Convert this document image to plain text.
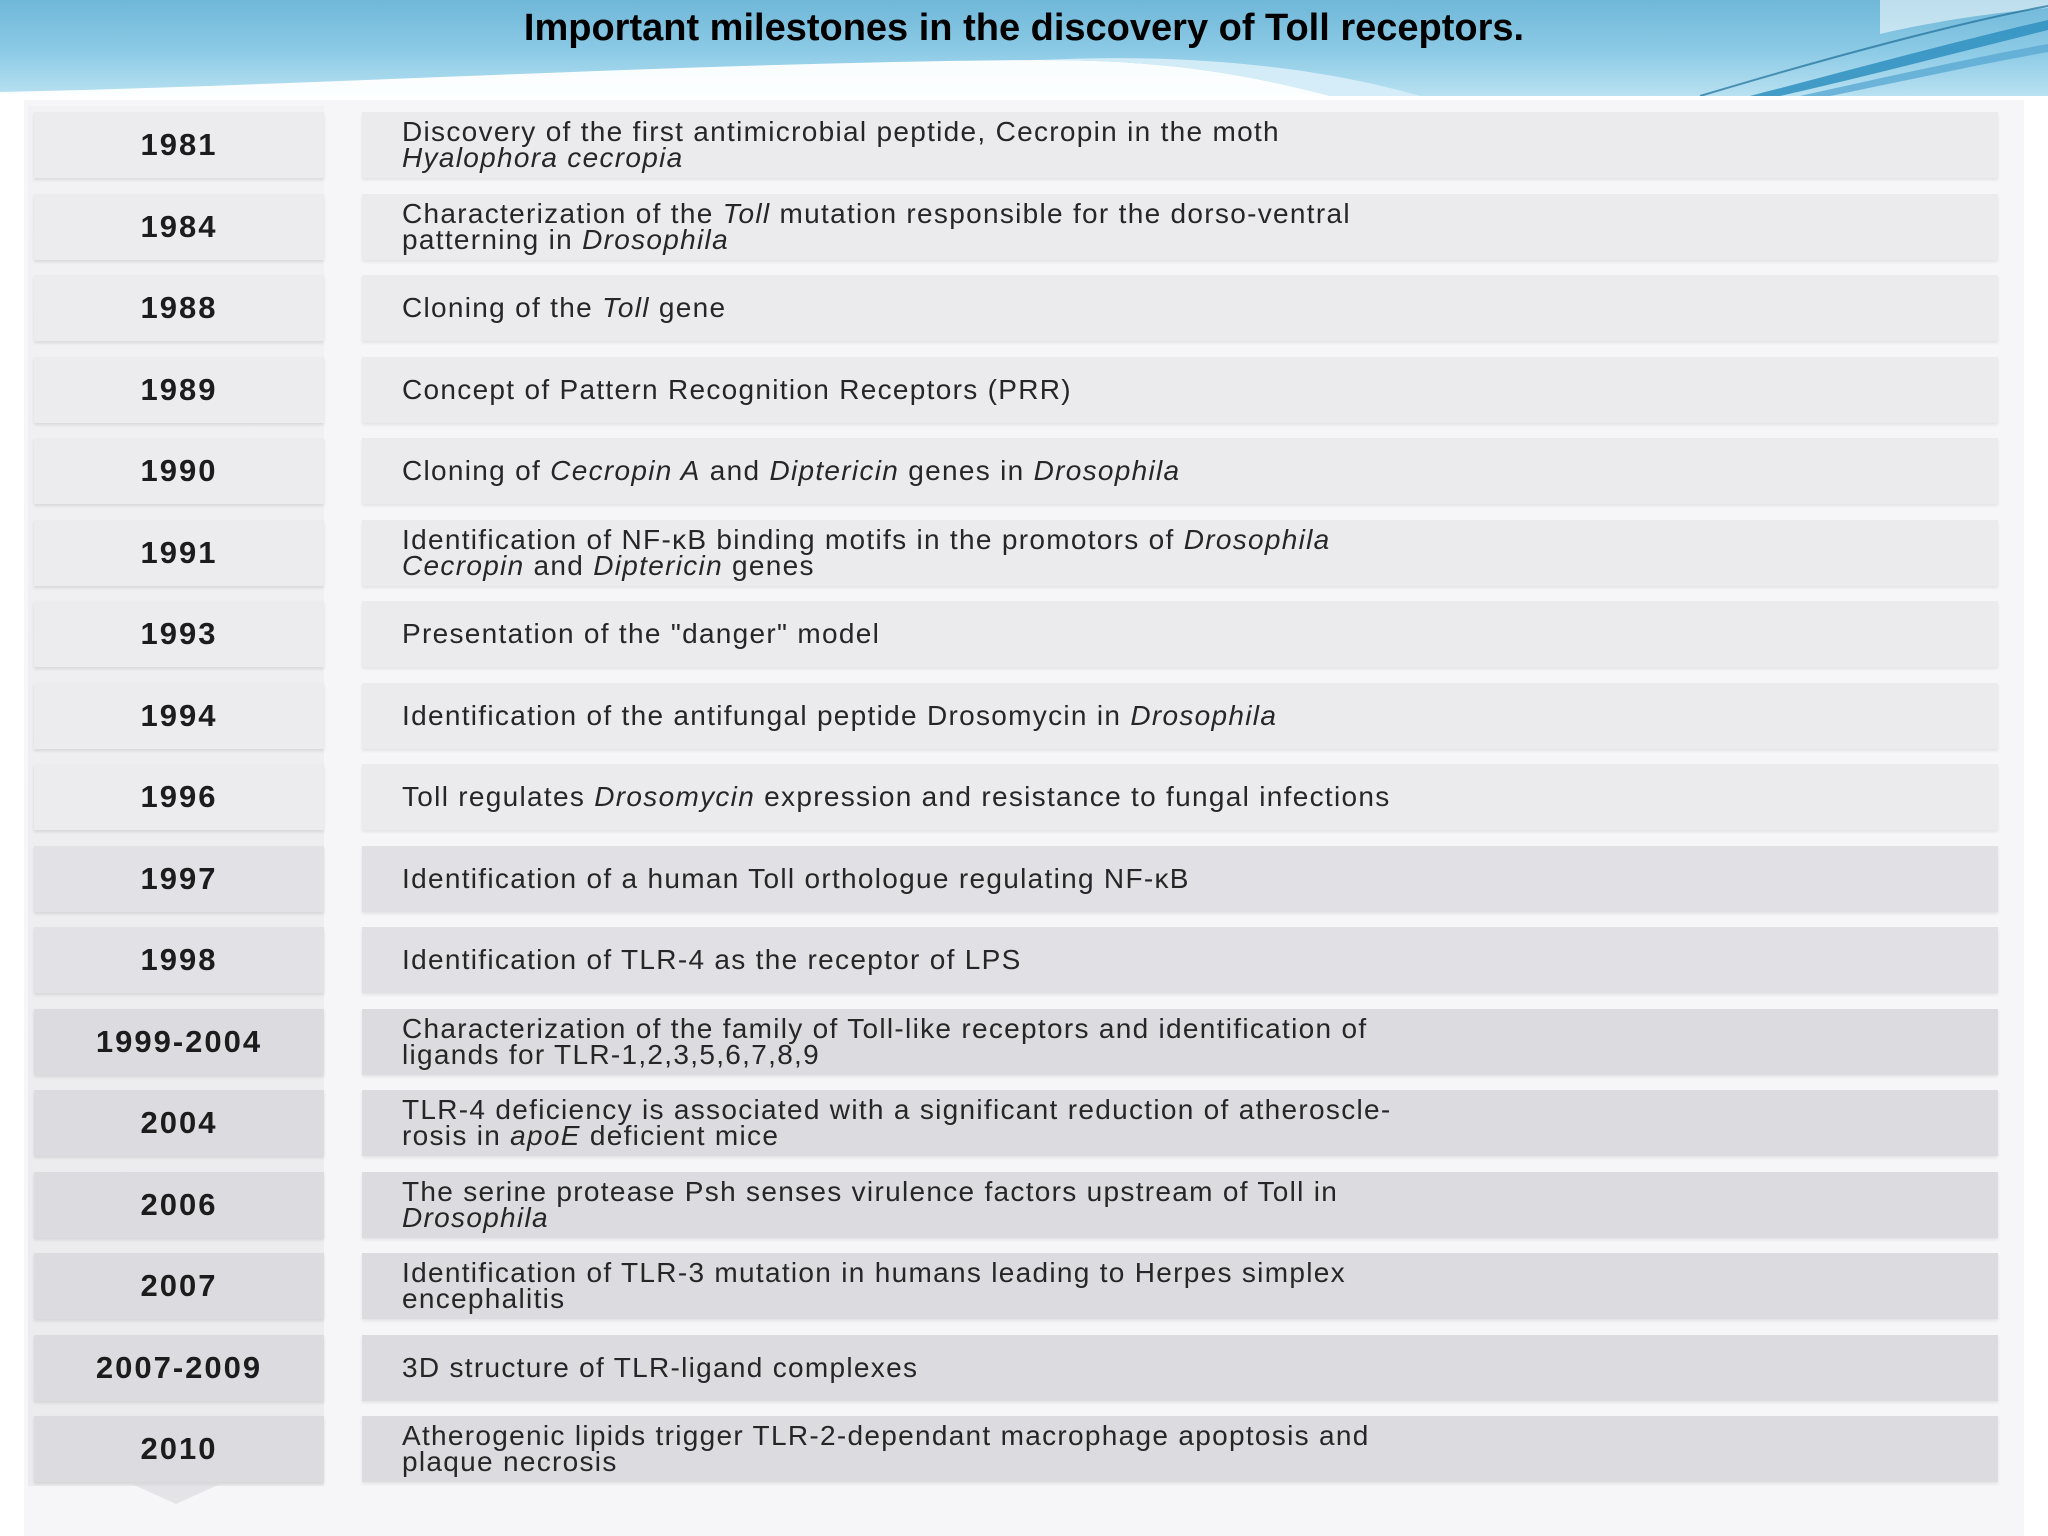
Important milestones in the discovery of Toll receptors.
1981	Discovery of the first antimicrobial peptide, Cecropin in the moth
Hyalophora cecropia
1984	Characterization of the Toll mutation responsible for the dorso-ventral
patterning in Drosophila
1988	Cloning of the Toll gene
1989	Concept of Pattern Recognition Receptors (PRR)
1990	Cloning of Cecropin A and Diptericin genes in Drosophila
1991	Identification of NF-κB binding motifs in the promotors of Drosophila
Cecropin and Diptericin genes
1993	Presentation of the "danger" model
1994	Identification of the antifungal peptide Drosomycin in Drosophila
1996	Toll regulates Drosomycin expression and resistance to fungal infections
1997	Identification of a human Toll orthologue regulating NF-κB
1998	Identification of TLR-4 as the receptor of LPS
1999-2004	Characterization of the family of Toll-like receptors and identification of
ligands for TLR-1,2,3,5,6,7,8,9
2004	TLR-4 deficiency is associated with a significant reduction of atheroscle-
rosis in apoE deficient mice
2006	The serine protease Psh senses virulence factors upstream of Toll in
Drosophila
2007	Identification of TLR-3 mutation in humans leading to Herpes simplex
encephalitis
2007-2009	3D structure of TLR-ligand complexes
2010	Atherogenic lipids trigger TLR-2-dependant macrophage apoptosis and
plaque necrosis
